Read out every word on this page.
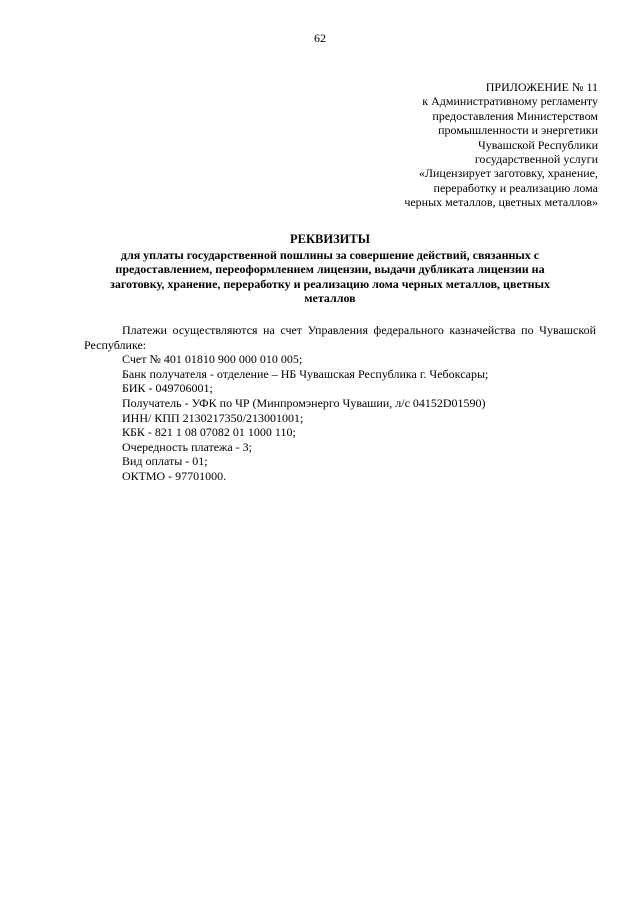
62
ПРИЛОЖЕНИЕ № 11
к Административному регламенту
предоставления Министерством
промышленности и энергетики
Чувашской Республики
государственной услуги
«Лицензирует заготовку, хранение,
переработку и реализацию лома
черных металлов, цветных металлов»
РЕКВИЗИТЫ
для уплаты государственной пошлины за совершение действий, связанных с
предоставлением, переоформлением лицензии, выдачи дубликата лицензии на
заготовку, хранение, переработку и реализацию лома черных металлов, цветных
металлов
Платежи осуществляются на счет Управления федерального казначейства по Чувашской Республике:
Счет № 401 01810 900 000 010 005;
Банк получателя - отделение – НБ Чувашская Республика г. Чебоксары;
БИК - 049706001;
Получатель - УФК по ЧР (Минпромэнерго Чувашии, л/с 04152D01590)
ИНН/ КПП 2130217350/213001001;
КБК - 821 1 08 07082 01 1000 110;
Очередность платежа - 3;
Вид оплаты - 01;
ОКТМО - 97701000.
